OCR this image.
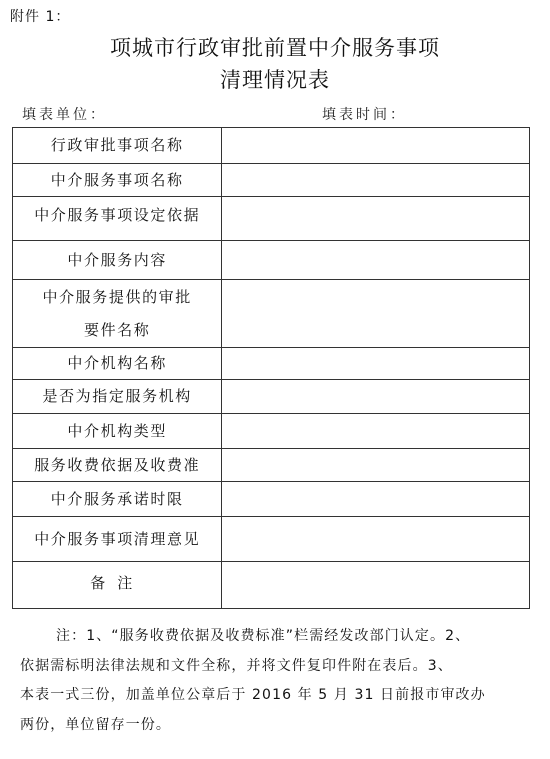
附件 1：
项城市行政审批前置中介服务事项
清理情况表
填表单位：	填表时间：
行政审批事项名称	
中介服务事项名称	
中介服务事项设定依据	
中介服务内容	

中介服务提供的审批
要件名称	

中介机构名称	
是否为指定服务机构	
中介机构类型	
服务收费依据及收费准	
中介服务承诺时限	
中介服务事项清理意见	
备注	

注：1、“服务收费依据及收费标准”栏需经发改部门认定。2、

依据需标明法律法规和文件全称，并将文件复印件附在表后。3、

本表一式三份，加盖单位公章后于 2016 年 5 月 31 日前报市审改办

两份，单位留存一份。
